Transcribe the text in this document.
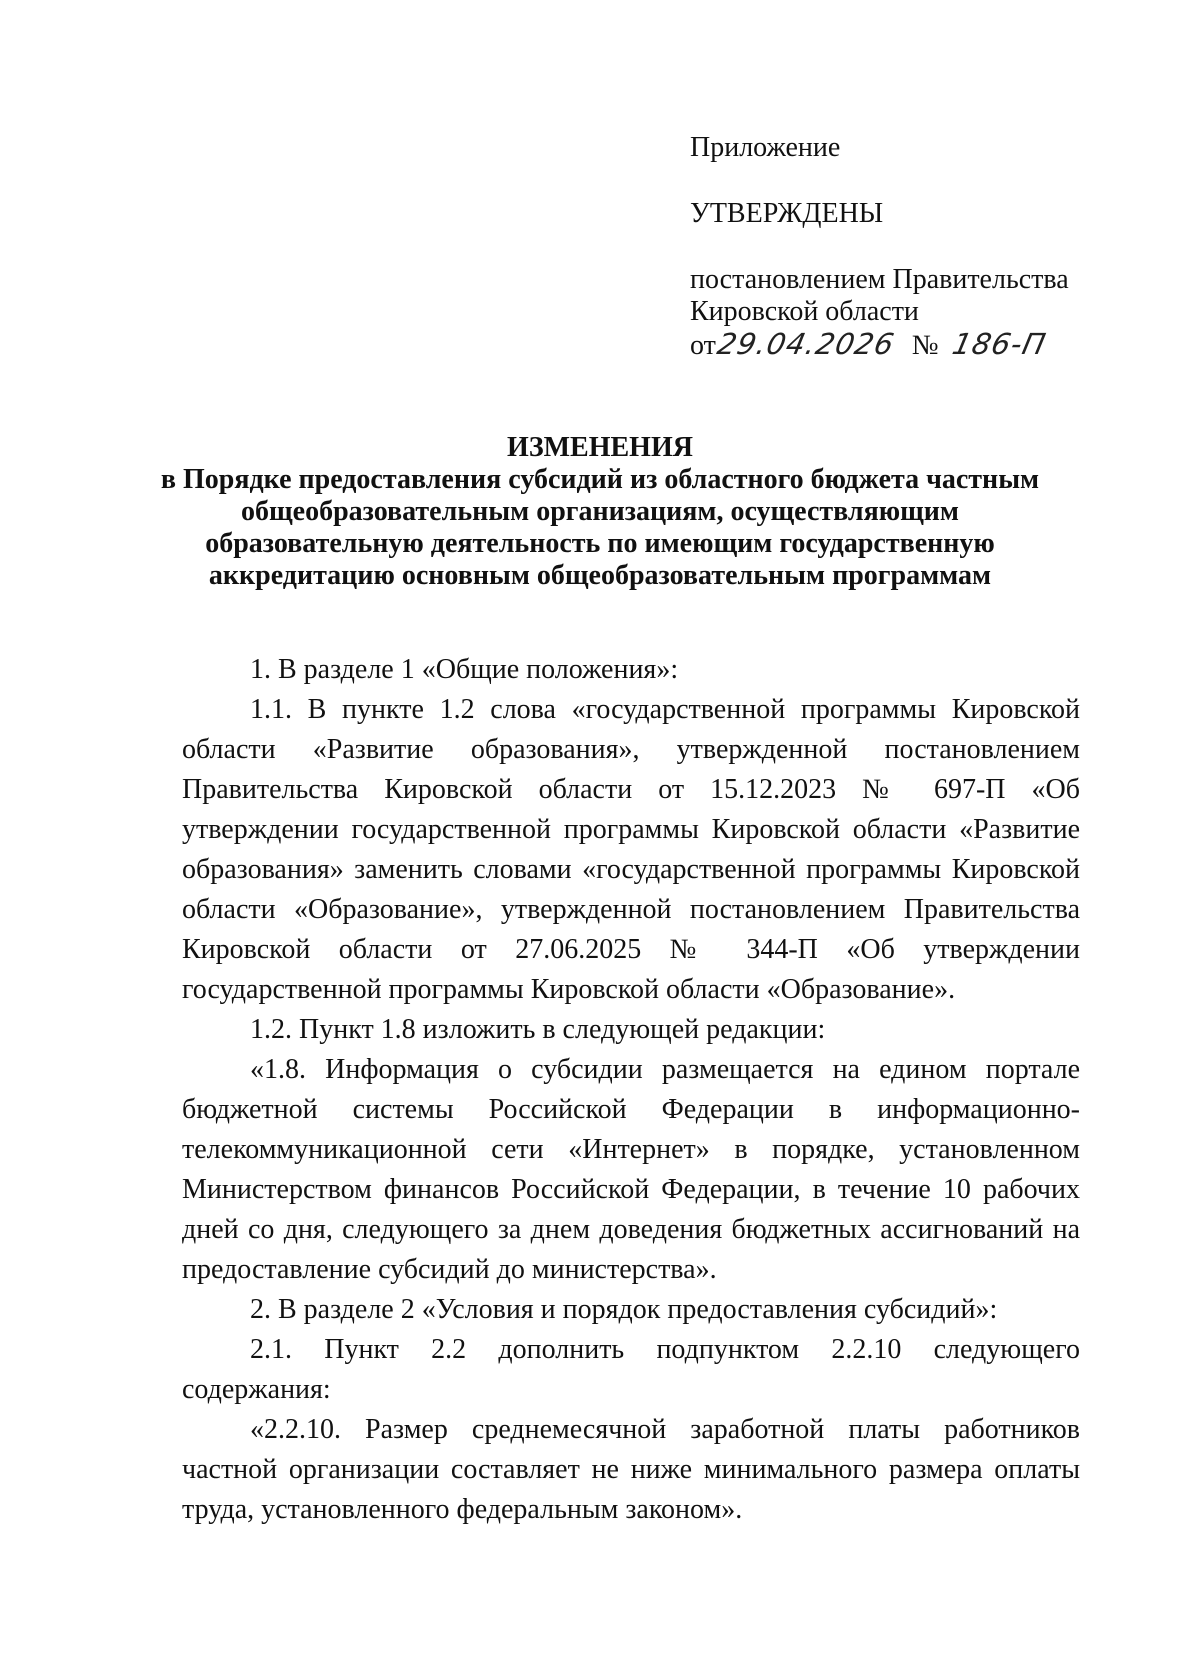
Приложение
УТВЕРЖДЕНЫ
постановлением Правительства
Кировской области
от29.04.2026 № 186-П
ИЗМЕНЕНИЯ
в Порядке предоставления субсидий из областного бюджета частным общеобразовательным организациям, осуществляющим образовательную деятельность по имеющим государственную аккредитацию основным общеобразовательным программам

1. В разделе 1 «Общие положения»:

1.1. В пункте 1.2 слова «государственной программы Кировской области «Развитие образования», утвержденной постановлением Правительства Кировской области от 15.12.2023 № 697-П «Об утверждении государственной программы Кировской области «Развитие образования» заменить словами «государственной программы Кировской области «Образование», утвержденной постановлением Правительства Кировской области от 27.06.2025 № 344-П «Об утверждении государственной программы Кировской области «Образование».

1.2. Пункт 1.8 изложить в следующей редакции:

«1.8. Информация о субсидии размещается на едином портале бюджетной системы Российской Федерации в информационно-телекоммуникационной сети «Интернет» в порядке, установленном Министерством финансов Российской Федерации, в течение 10 рабочих дней со дня, следующего за днем доведения бюджетных ассигнований на предоставление субсидий до министерства».

2. В разделе 2 «Условия и порядок предоставления субсидий»:

2.1. Пункт 2.2 дополнить подпунктом 2.2.10 следующего содержания:

«2.2.10. Размер среднемесячной заработной платы работников частной организации составляет не ниже минимального размера оплаты труда, установленного федеральным законом».
